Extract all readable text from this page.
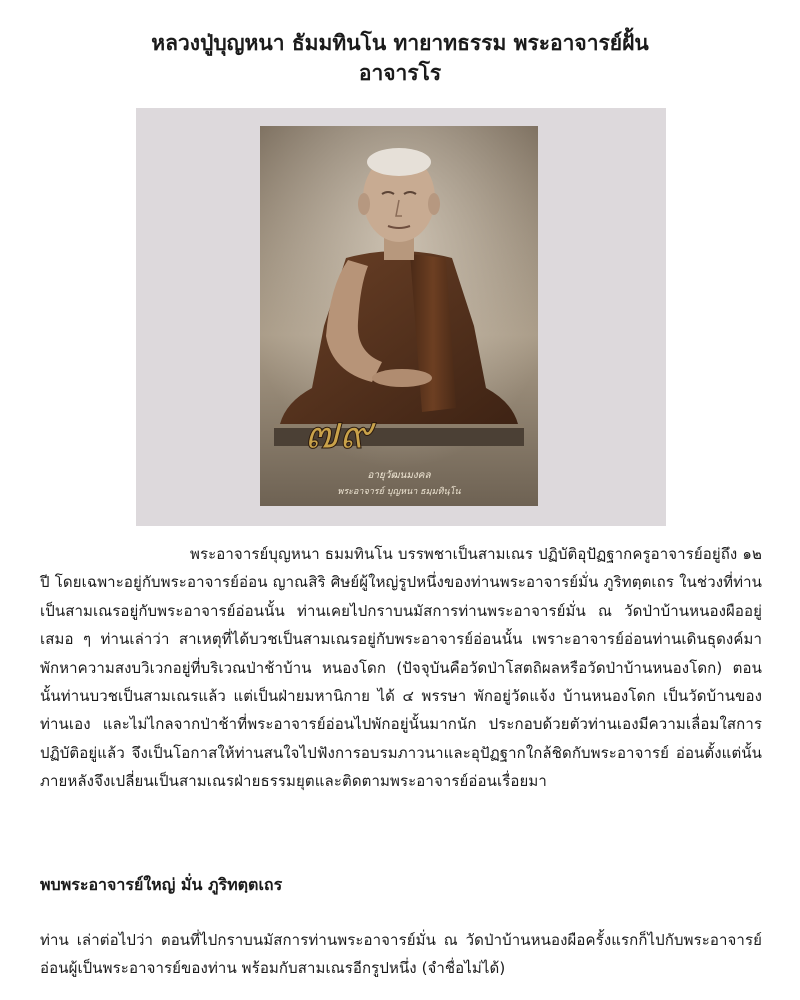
หลวงปู่บุญหนา ธัมมทินโน ทายาทธรรม พระอาจารย์ฝั้น
อาจารโร
๗๙
อายุวัฒนมงคล
พระอาจารย์ บุญหนา ธมฺมทินฺโน

พระอาจารย์บุญหนา ธมมทินโน บรรพชาเป็นสามเณร ปฏิบัติอุปัฏฐากครูอาจารย์อยู่ถึง ๑๒ ปี โดยเฉพาะอยู่กับพระอาจารย์อ่อน ญาณสิริ ศิษย์ผู้ใหญ่รูปหนึ่งของท่านพระอาจารย์มั่น ภูริทตฺตเถร ในช่วงที่ท่านเป็นสามเณรอยู่กับพระอาจารย์อ่อนนั้น ท่านเคยไปกราบนมัสการท่านพระอาจารย์มั่น ณ วัดป่าบ้านหนองผืออยู่เสมอ ๆ ท่านเล่าว่า สาเหตุที่ได้บวชเป็นสามเณรอยู่กับพระอาจารย์อ่อนนั้น เพราะอาจารย์อ่อนท่านเดินธุดงค์มาพักหาความสงบวิเวกอยู่ที่บริเวณป่าช้าบ้าน หนองโดก (ปัจจุบันคือวัดป่าโสตถิผลหรือวัดป่าบ้านหนองโดก) ตอนนั้นท่านบวชเป็นสามเณรแล้ว แต่เป็นฝ่ายมหานิกาย ได้ ๔ พรรษา พักอยู่วัดแจ้ง บ้านหนองโดก เป็นวัดบ้านของท่านเอง และไม่ไกลจากป่าช้าที่พระอาจารย์อ่อนไปพักอยู่นั้นมากนัก ประกอบด้วยตัวท่านเองมีความเลื่อมใสการปฏิบัติอยู่แล้ว จึงเป็นโอกาสให้ท่านสนใจไปฟังการอบรมภาวนาและอุปัฏฐากใกล้ชิดกับพระอาจารย์ อ่อนตั้งแต่นั้น ภายหลังจึงเปลี่ยนเป็นสามเณรฝ่ายธรรมยุตและติดตามพระอาจารย์อ่อนเรื่อยมา

พบพระอาจารย์ใหญ่ มั่น ภูริทตฺตเถร

ท่าน เล่าต่อไปว่า ตอนที่ไปกราบนมัสการท่านพระอาจารย์มั่น ณ วัดป่าบ้านหนองผือครั้งแรกก็ไปกับพระอาจารย์อ่อนผู้เป็นพระอาจารย์ของท่าน พร้อมกับสามเณรอีกรูปหนึ่ง (จำชื่อไม่ได้)
